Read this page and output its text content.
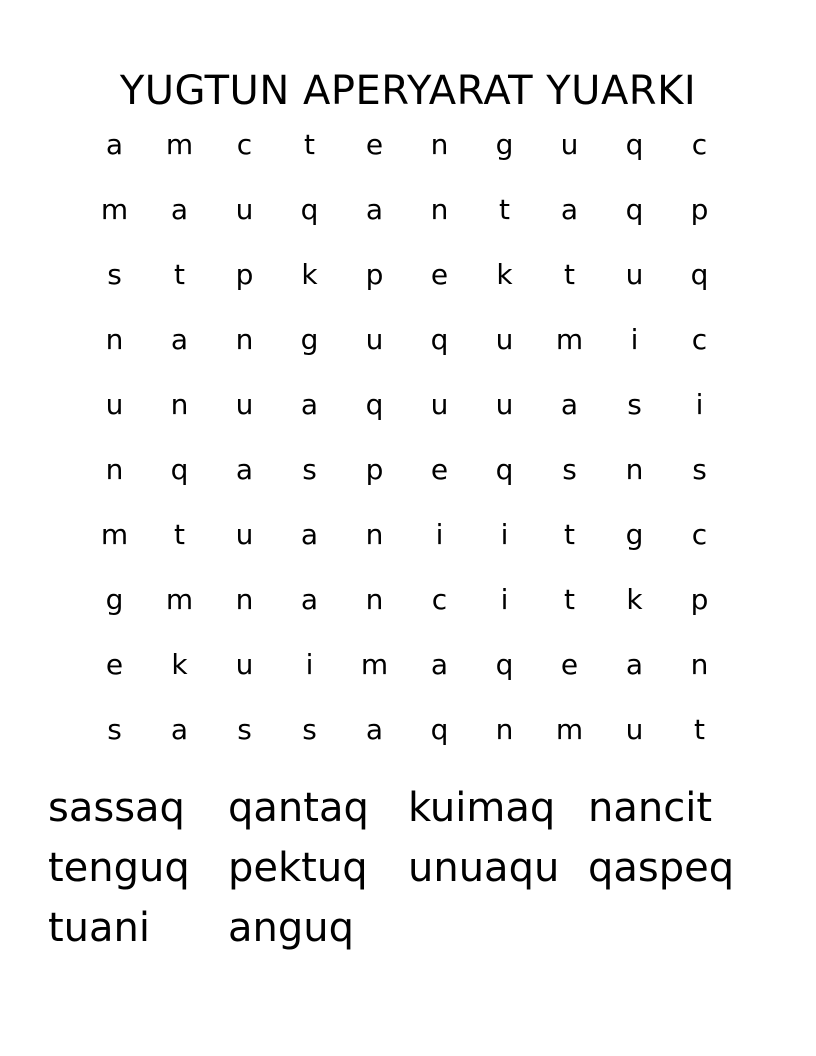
YUGTUN APERYARAT YUARKI
a	m	c	t	e	n	g	u	q	c
m	a	u	q	a	n	t	a	q	p
s	t	p	k	p	e	k	t	u	q
n	a	n	g	u	q	u	m	i	c
u	n	u	a	q	u	u	a	s	i
n	q	a	s	p	e	q	s	n	s
m	t	u	a	n	i	i	t	g	c
g	m	n	a	n	c	i	t	k	p
e	k	u	i	m	a	q	e	a	n
s	a	s	s	a	q	n	m	u	t
sassaq	qantaq kuimaq nancit
tenguq pektuq	unuaqu qaspeq
tuani	anguq
